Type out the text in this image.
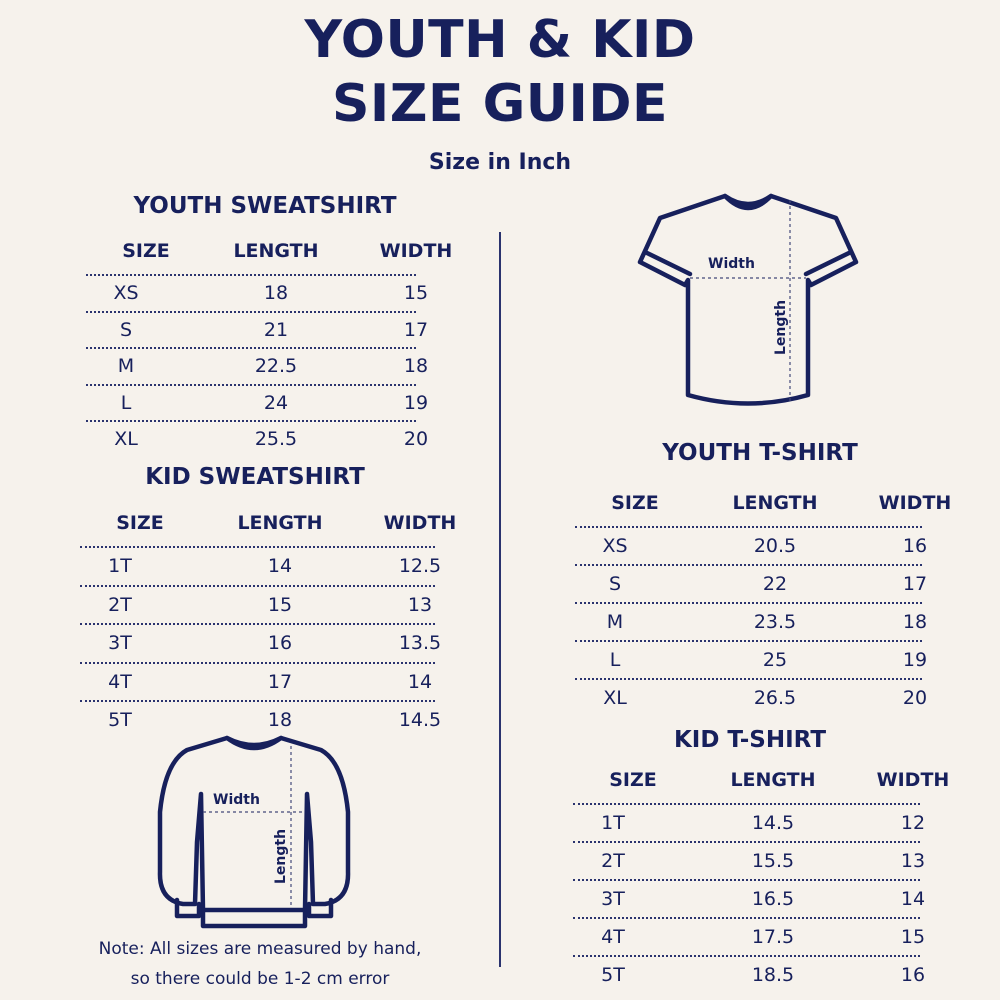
YOUTH & KID
SIZE GUIDE
Size in Inch
YOUTH SWEATSHIRT
SIZE	LENGTH	WIDTH
XS	18	15
S	21	17
M	22.5	18
L	24	19
XL	25.5	20
KID SWEATSHIRT
SIZE	LENGTH	WIDTH
1T	14	12.5
2T	15	13
3T	16	13.5
4T	17	14
5T	18	14.5
YOUTH T-SHIRT
SIZE	LENGTH	WIDTH
XS	20.5	16
S	22	17
M	23.5	18
L	25	19
XL	26.5	20
KID T-SHIRT
SIZE	LENGTH	WIDTH
1T	14.5	12
2T	15.5	13
3T	16.5	14
4T	17.5	15
5T	18.5	16
Width
Length
Width
Length
Note: All sizes are measured by hand,
so there could be 1-2 cm error
